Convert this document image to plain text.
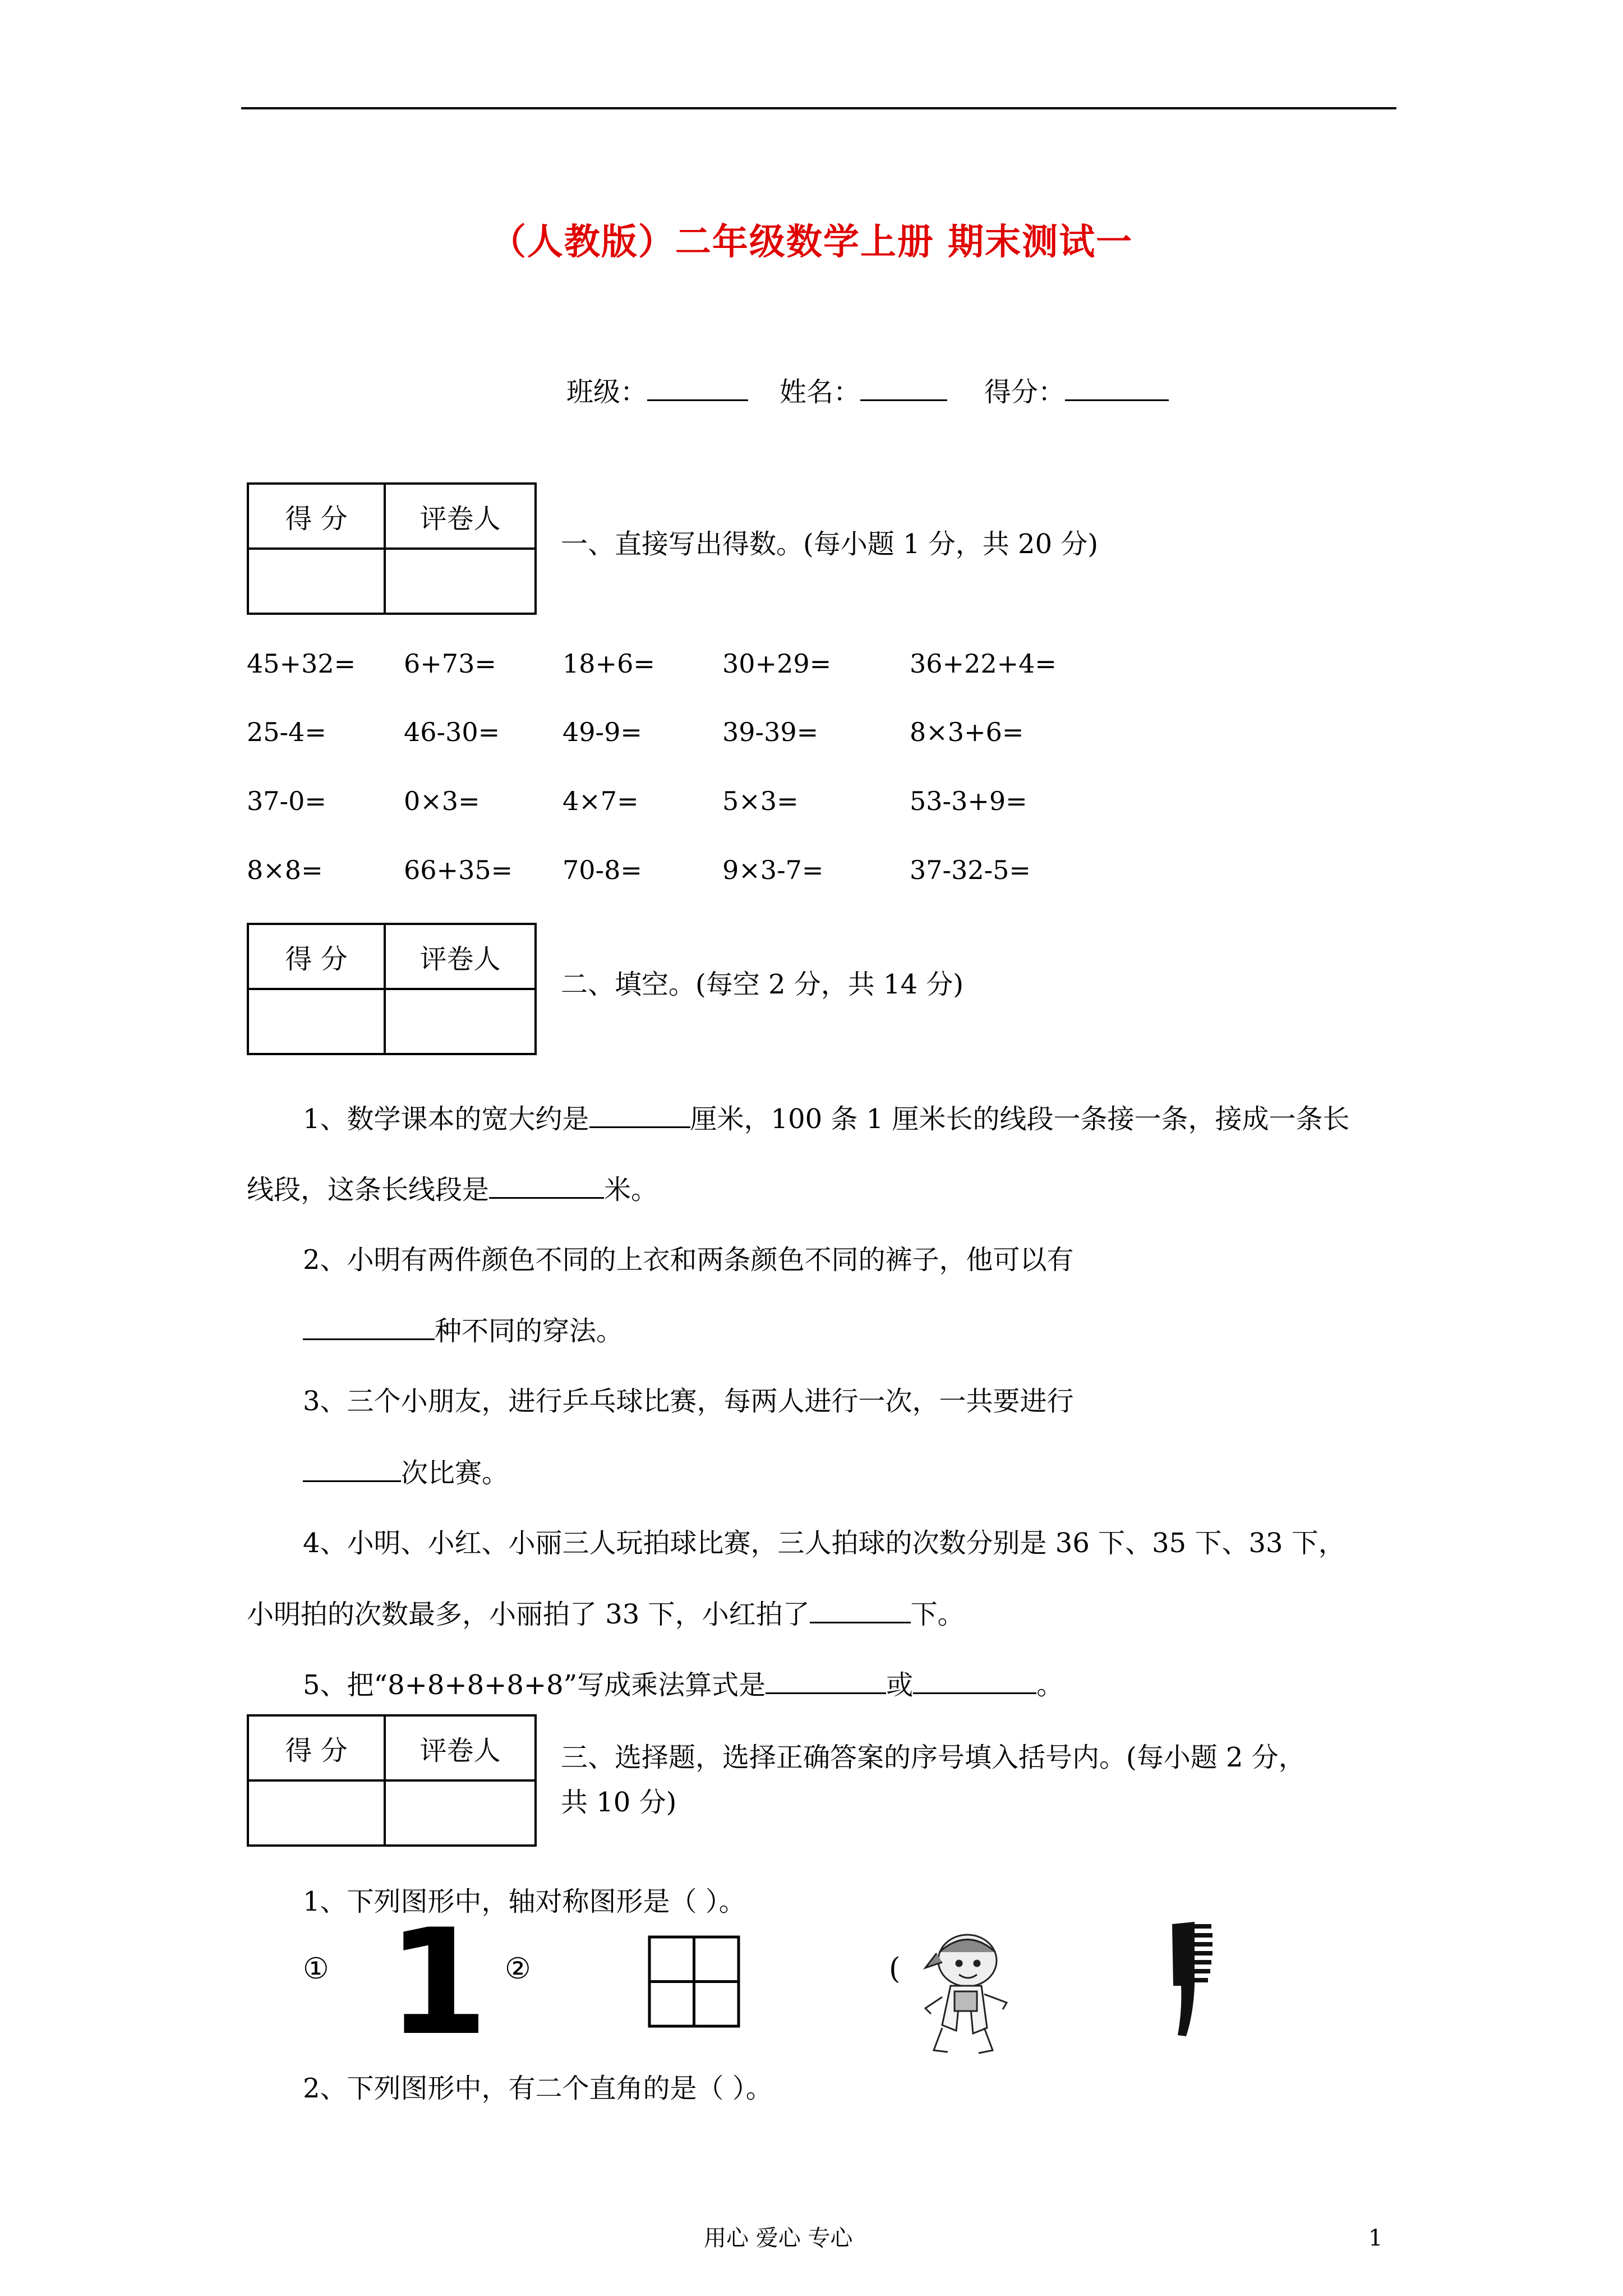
（人教版）二年级数学上册 期末测试一
班级：	姓名：	得分：
得 分	评卷人

一、直接写出得数。(每小题 1 分，共 20 分)
45+32= 6+73=	18+6=	30+29=	36+22+4=
25-4=	46-30= 49-9=	39-39=	8×3+6=
37-0=	0×3=	4×7=	5×3=	53-3+9=
8×8=	66+35= 70-8=	9×3-7=	37-32-5=
得 分	评卷人

二、填空。(每空 2 分，共 14 分)
1、数学课本的宽大约是	厘米，100 条 1 厘米长的线段一条接一条，接成一条长
线段，这条长线段是	米。
2、小明有两件颜色不同的上衣和两条颜色不同的裤子，他可以有
种不同的穿法。
3、三个小朋友，进行乒乓球比赛，每两人进行一次，一共要进行
次比赛。
4、小明、小红、小丽三人玩拍球比赛，三人拍球的次数分别是 36 下、35 下、33 下，
小明拍的次数最多，小丽拍了 33 下，小红拍了	下。
5、把“8+8+8+8+8”写成乘法算式是	或	。
得 分	评卷人
	三、选择题，选择正确答案的序号填入括号内。(每小题 2 分，
共 10 分)
1、下列图形中，轴对称图形是（ ）。
① 1 ②	(
2、下列图形中，有二个直角的是（ ）。
用心 爱心 专心	1
